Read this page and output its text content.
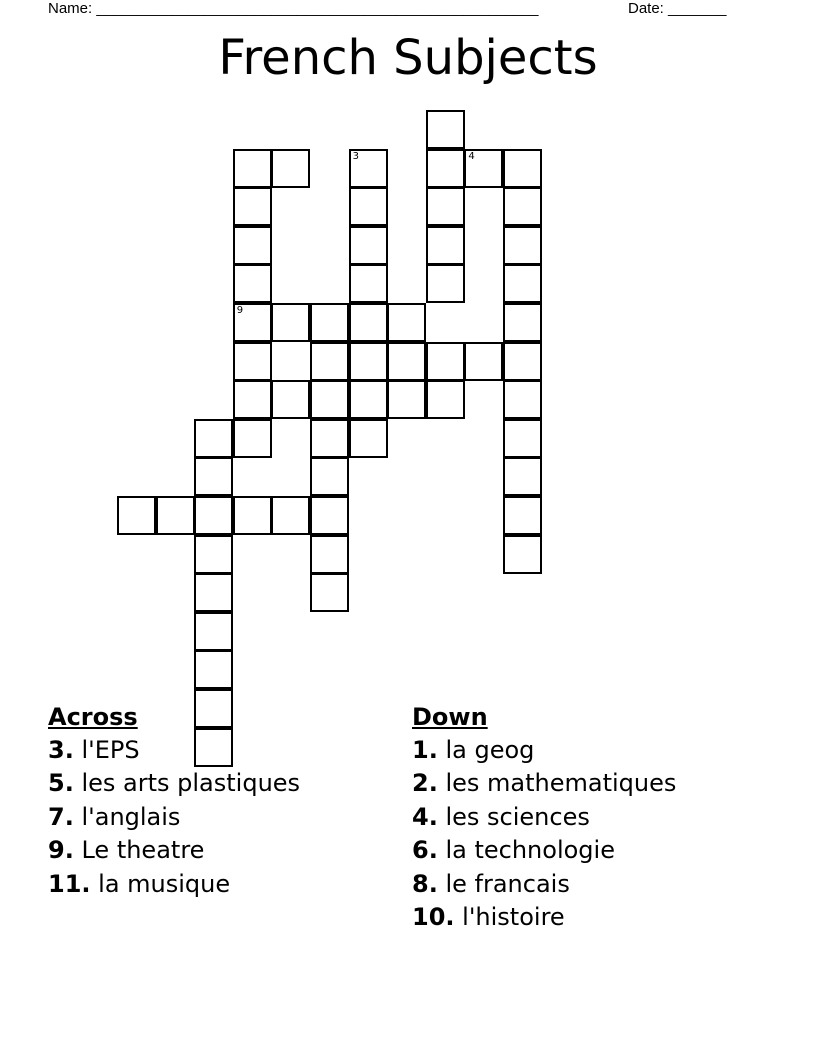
Name: _____________________________________________________	Date: _______
French Subjects
9
3	4
Across
3. l'EPS
5. les arts plastiques
7. l'anglais
9. Le theatre
11. la musique
Down
1. la geog
2. les mathematiques
4. les sciences
6. la technologie
8. le francais
10. l'histoire
